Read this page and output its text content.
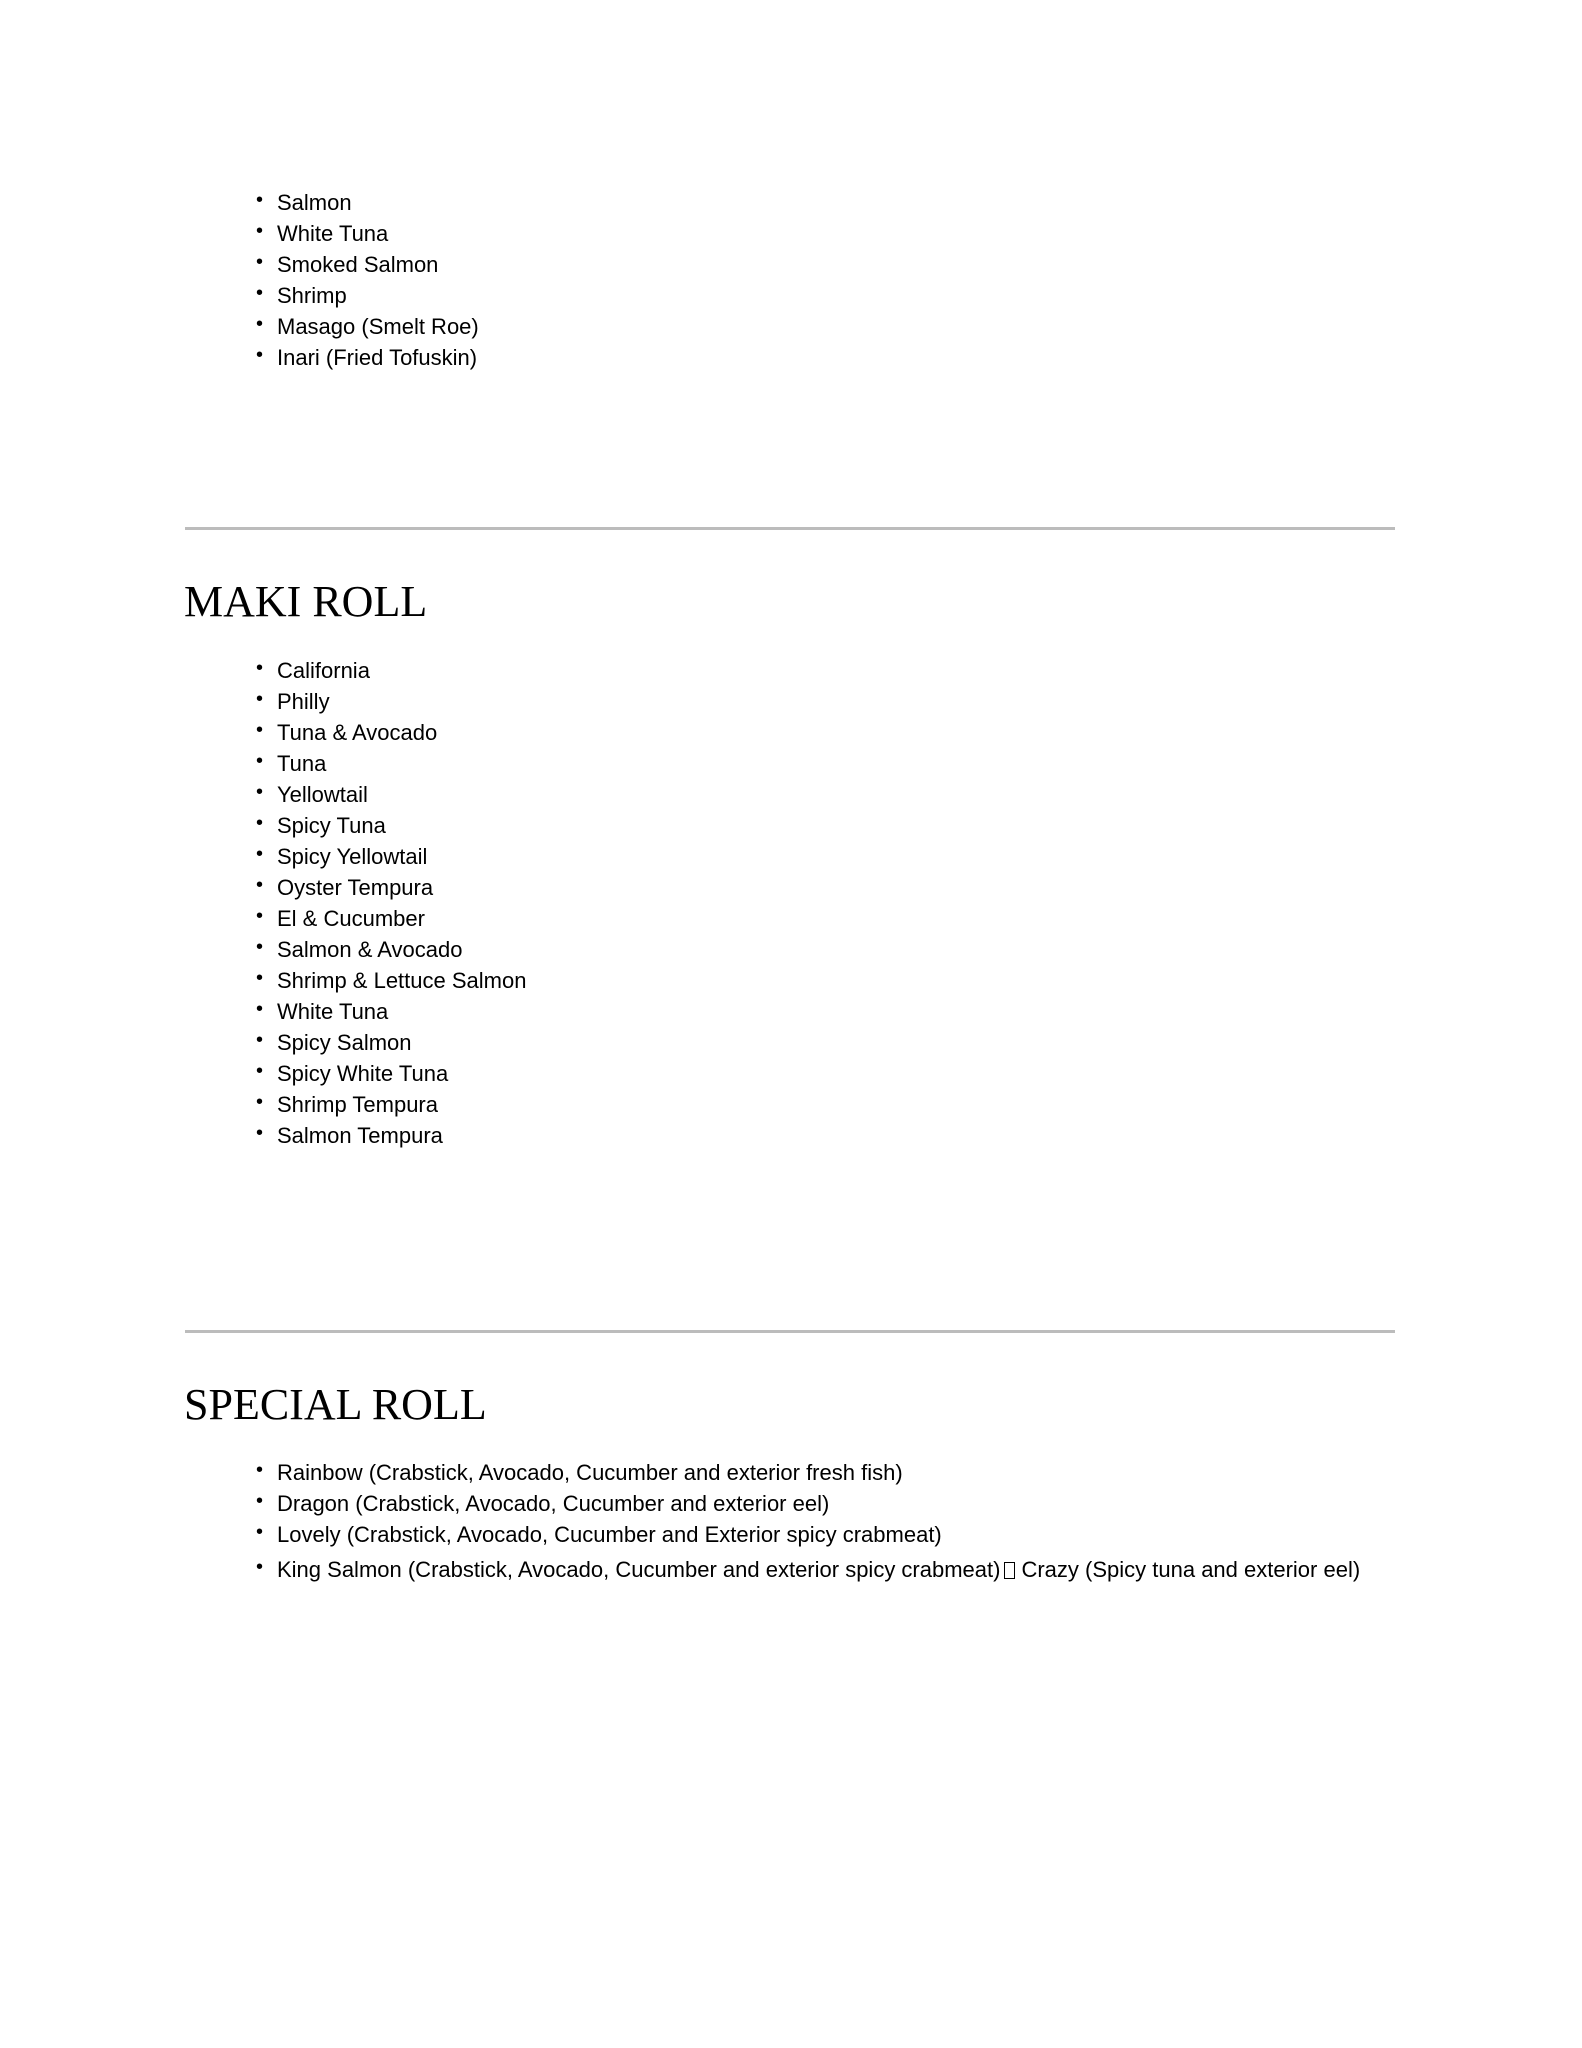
• Salmon
• White Tuna
• Smoked Salmon
• Shrimp
• Masago (Smelt Roe)
• Inari (Fried Tofuskin)
MAKI ROLL
• California
• Philly
• Tuna & Avocado
• Tuna
• Yellowtail
• Spicy Tuna
• Spicy Yellowtail
• Oyster Tempura
• El & Cucumber
• Salmon & Avocado
• Shrimp & Lettuce Salmon
• White Tuna
• Spicy Salmon
• Spicy White Tuna
• Shrimp Tempura
• Salmon Tempura
SPECIAL ROLL
• Rainbow (Crabstick, Avocado, Cucumber and exterior fresh fish)
• Dragon (Crabstick, Avocado, Cucumber and exterior eel)
• Lovely (Crabstick, Avocado, Cucumber and Exterior spicy crabmeat)
• King Salmon (Crabstick, Avocado, Cucumber and exterior spicy crabmeat) Crazy (Spicy tuna and exterior eel)
